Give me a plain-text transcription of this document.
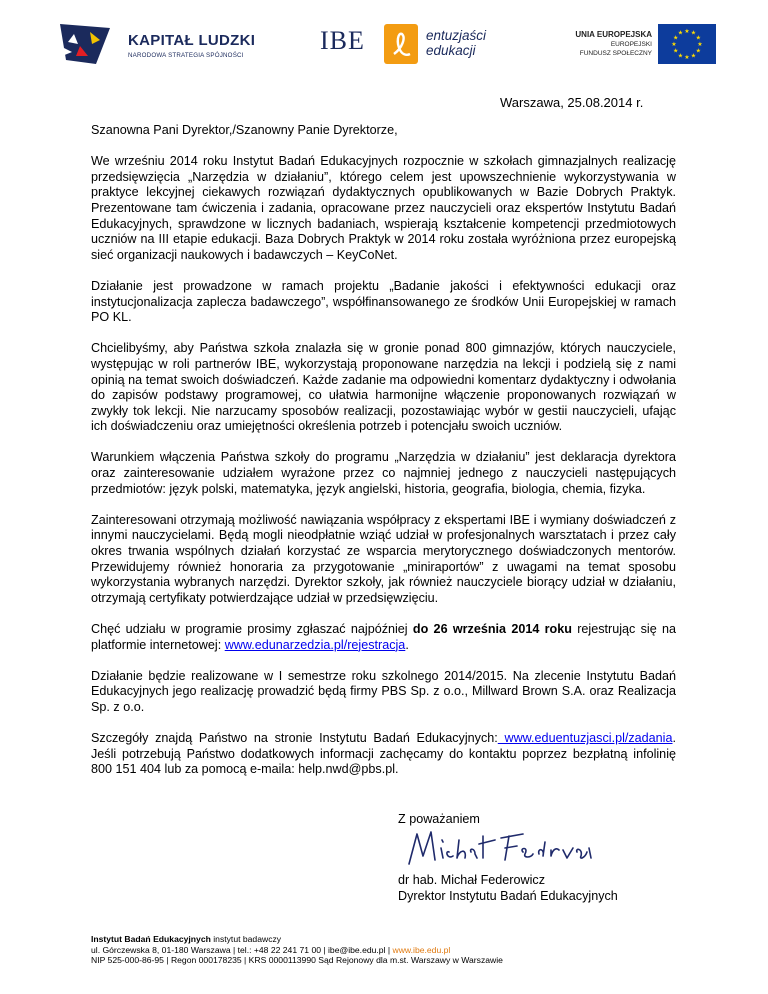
KAPITAŁ LUDZKI
NARODOWA STRATEGIA SPÓJNOŚCI
IBE	entuzjaści
edukacji
UNIA EUROPEJSKA
EUROPEJSKI
FUNDUSZ SPOŁECZNY
★ ★
★
★
★
★
★
★
★
★
★
★
Warszawa, 25.08.2014 r.

Szanowna Pani Dyrektor,/Szanowny Panie Dyrektorze,

We wrześniu 2014 roku Instytut Badań Edukacyjnych rozpocznie w szkołach gimnazjalnych realizację przedsięwzięcia „Narzędzia w działaniu”, którego celem jest upowszechnienie wykorzystywania w praktyce lekcyjnej ciekawych rozwiązań dydaktycznych opublikowanych w Bazie Dobrych Praktyk. Prezentowane tam ćwiczenia i zadania, opracowane przez nauczycieli oraz ekspertów Instytutu Badań Edukacyjnych, sprawdzone w licznych badaniach, wspierają kształcenie kompetencji przedmiotowych uczniów na III etapie edukacji. Baza Dobrych Praktyk w 2014 roku została wyróżniona przez europejską sieć organizacji naukowych i badawczych – KeyCoNet.

Działanie jest prowadzone w ramach projektu „Badanie jakości i efektywności edukacji oraz instytucjonalizacja zaplecza badawczego”, współfinansowanego ze środków Unii Europejskiej w ramach PO KL.

Chcielibyśmy, aby Państwa szkoła znalazła się w gronie ponad 800 gimnazjów, których nauczyciele, występując w roli partnerów IBE, wykorzystają proponowane narzędzia na lekcji i podzielą się z nami opinią na temat swoich doświadczeń. Każde zadanie ma odpowiedni komentarz dydaktyczny i odwołania do zapisów podstawy programowej, co ułatwia harmonijne włączenie proponowanych rozwiązań w zwykły tok lekcji. Nie narzucamy sposobów realizacji, pozostawiając wybór w gestii nauczycieli, ufając ich doświadczeniu oraz umiejętności określenia potrzeb i potencjału swoich uczniów.

Warunkiem włączenia Państwa szkoły do programu „Narzędzia w działaniu” jest deklaracja dyrektora oraz zainteresowanie udziałem wyrażone przez co najmniej jednego z nauczycieli następujących przedmiotów: język polski, matematyka, język angielski, historia, geografia, biologia, chemia, fizyka.

Zainteresowani otrzymają możliwość nawiązania współpracy z ekspertami IBE i wymiany doświadczeń z innymi nauczycielami. Będą mogli nieodpłatnie wziąć udział w profesjonalnych warsztatach i przez cały okres trwania wspólnych działań korzystać ze wsparcia merytorycznego doświadczonych mentorów. Przewidujemy również honoraria za przygotowanie „miniraportów” z uwagami na temat sposobu wykorzystania wybranych narzędzi. Dyrektor szkoły, jak również nauczyciele biorący udział w działaniu, otrzymają certyfikaty potwierdzające udział w przedsięwzięciu.

Chęć udziału w programie prosimy zgłaszać najpóźniej do 26 września 2014 roku rejestrując się na platformie internetowej: www.edunarzedzia.pl/rejestracja.

Działanie będzie realizowane w I semestrze roku szkolnego 2014/2015. Na zlecenie Instytutu Badań Edukacyjnych jego realizację prowadzić będą firmy PBS Sp. z o.o., Millward Brown S.A. oraz Realizacja Sp. z o.o.

Szczegóły znajdą Państwo na stronie Instytutu Badań Edukacyjnych: www.eduentuzjasci.pl/zadania. Jeśli potrzebują Państwo dodatkowych informacji zachęcamy do kontaktu poprzez bezpłatną infolinię 800 151 404 lub za pomocą e-maila: help.nwd@pbs.pl.

Z poważaniem
dr hab. Michał Federowicz
Dyrektor Instytutu Badań Edukacyjnych
Instytut Badań Edukacyjnych instytut badawczy
ul. Górczewska 8, 01-180 Warszawa | tel.: +48 22 241 71 00 | ibe@ibe.edu.pl | www.ibe.edu.pl
NIP 525-000-86-95 | Regon 000178235 | KRS 0000113990 Sąd Rejonowy dla m.st. Warszawy w Warszawie
